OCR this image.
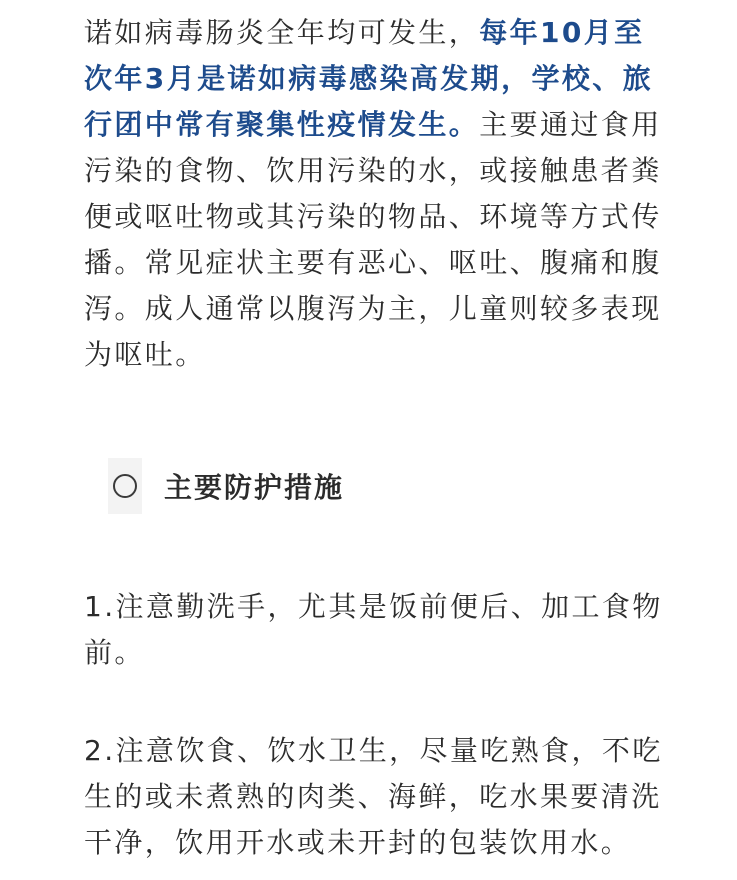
诺如病毒肠炎全年均可发生，每年10月至次年3月是诺如病毒感染高发期，学校、旅行团中常有聚集性疫情发生。主要通过食用污染的食物、饮用污染的水，或接触患者粪便或呕吐物或其污染的物品、环境等方式传播。常见症状主要有恶心、呕吐、腹痛和腹泻。成人通常以腹泻为主，儿童则较多表现为呕吐。

主要防护措施

1.注意勤洗手，尤其是饭前便后、加工食物前。

2.注意饮食、饮水卫生，尽量吃熟食，不吃生的或未煮熟的肉类、海鲜，吃水果要清洗干净，饮用开水或未开封的包装饮用水。
